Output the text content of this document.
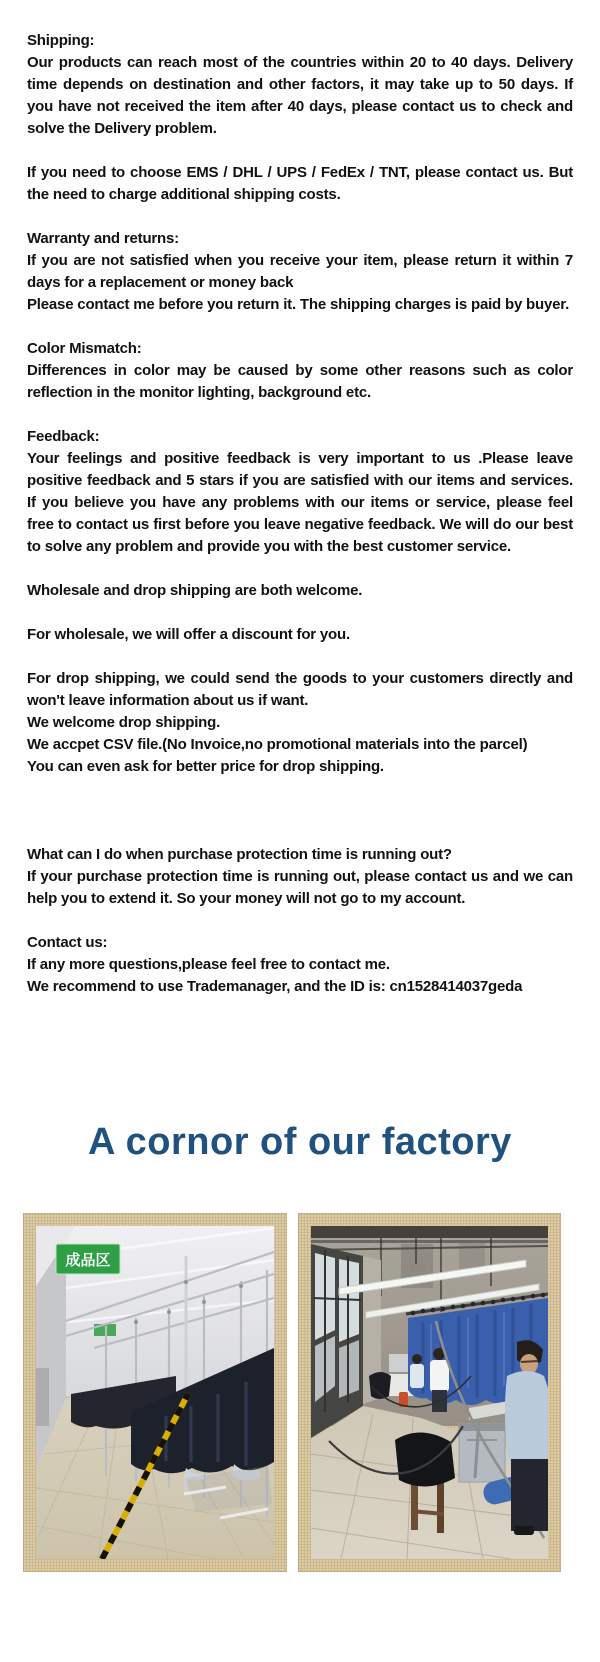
Shipping:
Our products can reach most of the countries within 20 to 40 days. Delivery time depends on destination and other factors, it may take up to 50 days. If you have not received the item after 40 days, please contact us to check and solve the Delivery problem.
If you need to choose EMS / DHL / UPS / FedEx / TNT, please contact us. But the need to charge additional shipping costs.
Warranty and returns:
If you are not satisfied when you receive your item, please return it within 7 days for a replacement or money back
Please contact me before you return it. The shipping charges is paid by buyer.
Color Mismatch:
Differences in color may be caused by some other reasons such as color reflection in the monitor lighting, background etc.
Feedback:
Your feelings and positive feedback is very important to us .Please leave positive feedback and 5 stars if you are satisfied with our items and services. If you believe you have any problems with our items or service, please feel free to contact us first before you leave negative feedback. We will do our best to solve any problem and provide you with the best customer service.
Wholesale and drop shipping are both welcome.
For wholesale, we will offer a discount for you.
For drop shipping, we could send the goods to your customers directly and won't leave information about us if want.
We welcome drop shipping.
We accpet CSV file.(No Invoice,no promotional materials into the parcel)
You can even ask for better price for drop shipping.
What can I do when purchase protection time is running out?
If your purchase protection time is running out, please contact us and we can help you to extend it. So your money will not go to my account.
Contact us:
If any more questions,please feel free to contact me.
We recommend to use Trademanager, and the ID is: cn1528414037geda
A cornor of our factory
成品区
